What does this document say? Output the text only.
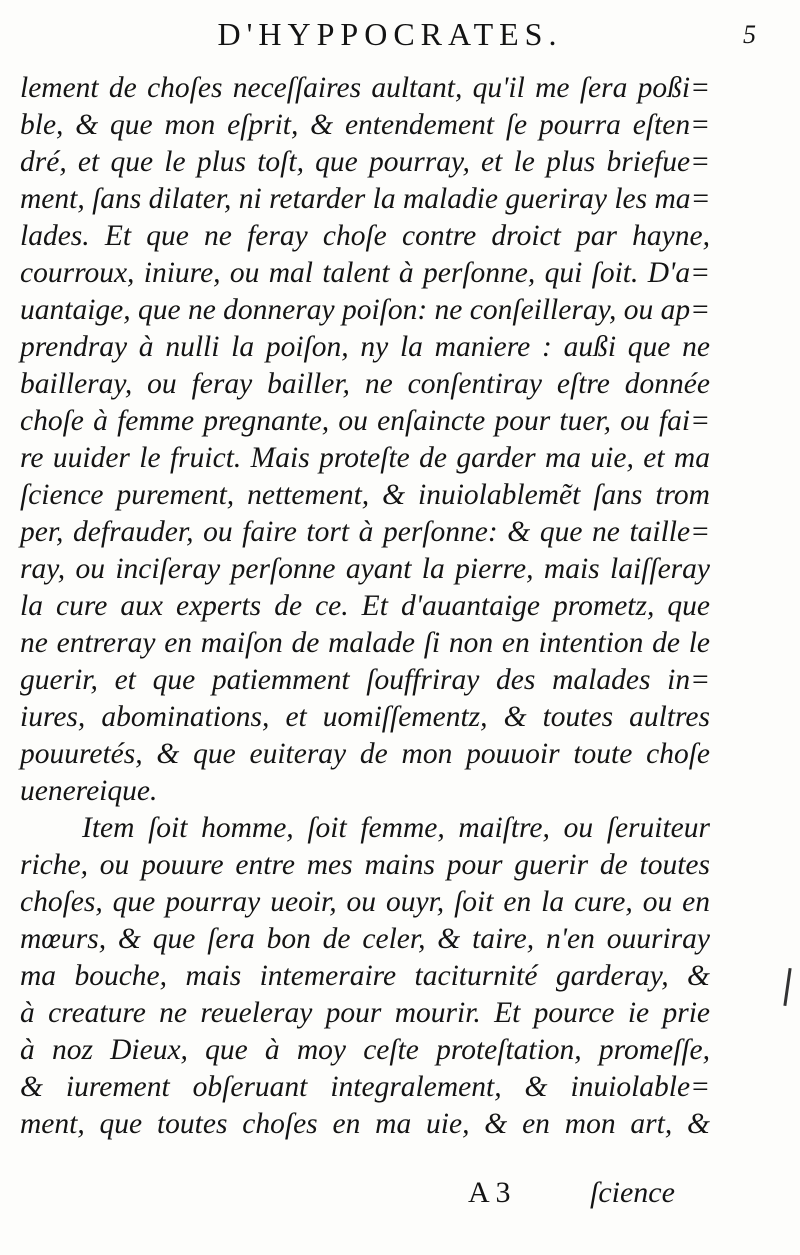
D'HYPPOCRATES.	5
lement de choſes neceſſaires aultant, qu'il me ſera poßi=
ble, & que mon eſprit, & entendement ſe pourra eſten=
dré, et que le plus toſt, que pourray, et le plus briefue=
ment, ſans dilater, ni retarder la maladie gueriray les ma=
lades. Et que ne feray choſe contre droict par hayne,
courroux, iniure, ou mal talent à perſonne, qui ſoit. D'a=
uantaige, que ne donneray poiſon: ne conſeilleray, ou ap=
prendray à nulli la poiſon, ny la maniere : außi que ne
bailleray, ou feray bailler, ne conſentiray eſtre donnée
choſe à femme pregnante, ou enſaincte pour tuer, ou fai=
re uuider le fruict. Mais proteſte de garder ma uie, et ma
ſcience purement, nettement, & inuiolablemẽt ſans trom
per, defrauder, ou faire tort à perſonne: & que ne taille=
ray, ou inciſeray perſonne ayant la pierre, mais laiſſeray
la cure aux experts de ce. Et d'auantaige prometz, que
ne entreray en maiſon de malade ſi non en intention de le
guerir, et que patiemment ſouffriray des malades in=
iures, abominations, et uomiſſementz, & toutes aultres
pouuretés, & que euiteray de mon pouuoir toute choſe
uenereique.
Item ſoit homme, ſoit femme, maiſtre, ou ſeruiteur
riche, ou pouure entre mes mains pour guerir de toutes
choſes, que pourray ueoir, ou ouyr, ſoit en la cure, ou en
mœurs, & que ſera bon de celer, & taire, n'en ouuriray
ma bouche, mais intemeraire taciturnité garderay, &
à creature ne reueleray pour mourir. Et pource ie prie
à noz Dieux, que à moy ceſte proteſtation, promeſſe,
& iurement obſeruant integralement, & inuiolable=
ment, que toutes choſes en ma uie, & en mon art, &
A 3	ſcience
